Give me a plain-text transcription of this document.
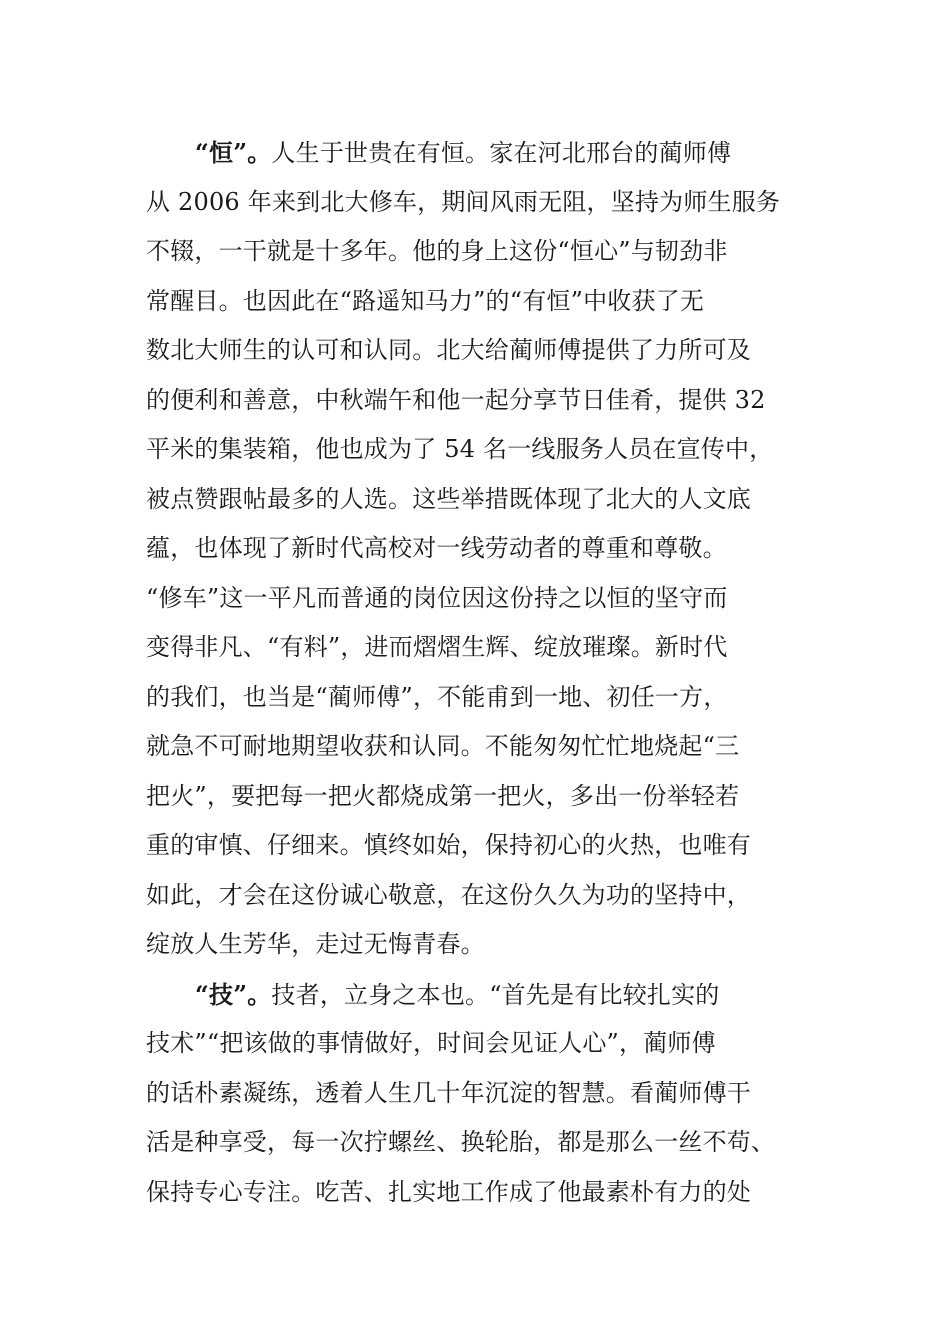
“恒”。人生于世贵在有恒。家在河北邢台的蔺师傅
从 2006 年来到北大修车，期间风雨无阻，坚持为师生服务
不辍，一干就是十多年。他的身上这份“恒心”与韧劲非
常醒目。也因此在“路遥知马力”的“有恒”中收获了无
数北大师生的认可和认同。北大给蔺师傅提供了力所可及
的便利和善意，中秋端午和他一起分享节日佳肴，提供 32
平米的集装箱，他也成为了 54 名一线服务人员在宣传中，
被点赞跟帖最多的人选。这些举措既体现了北大的人文底
蕴，也体现了新时代高校对一线劳动者的尊重和尊敬。
“修车”这一平凡而普通的岗位因这份持之以恒的坚守而
变得非凡、“有料”，进而熠熠生辉、绽放璀璨。新时代
的我们，也当是“蔺师傅”，不能甫到一地、初任一方，
就急不可耐地期望收获和认同。不能匆匆忙忙地烧起“三
把火”，要把每一把火都烧成第一把火，多出一份举轻若
重的审慎、仔细来。慎终如始，保持初心的火热，也唯有
如此，才会在这份诚心敬意，在这份久久为功的坚持中，
绽放人生芳华，走过无悔青春。
“技”。技者，立身之本也。“首先是有比较扎实的
技术”“把该做的事情做好，时间会见证人心”，蔺师傅
的话朴素凝练，透着人生几十年沉淀的智慧。看蔺师傅干
活是种享受，每一次拧螺丝、换轮胎，都是那么一丝不苟、
保持专心专注。吃苦、扎实地工作成了他最素朴有力的处
